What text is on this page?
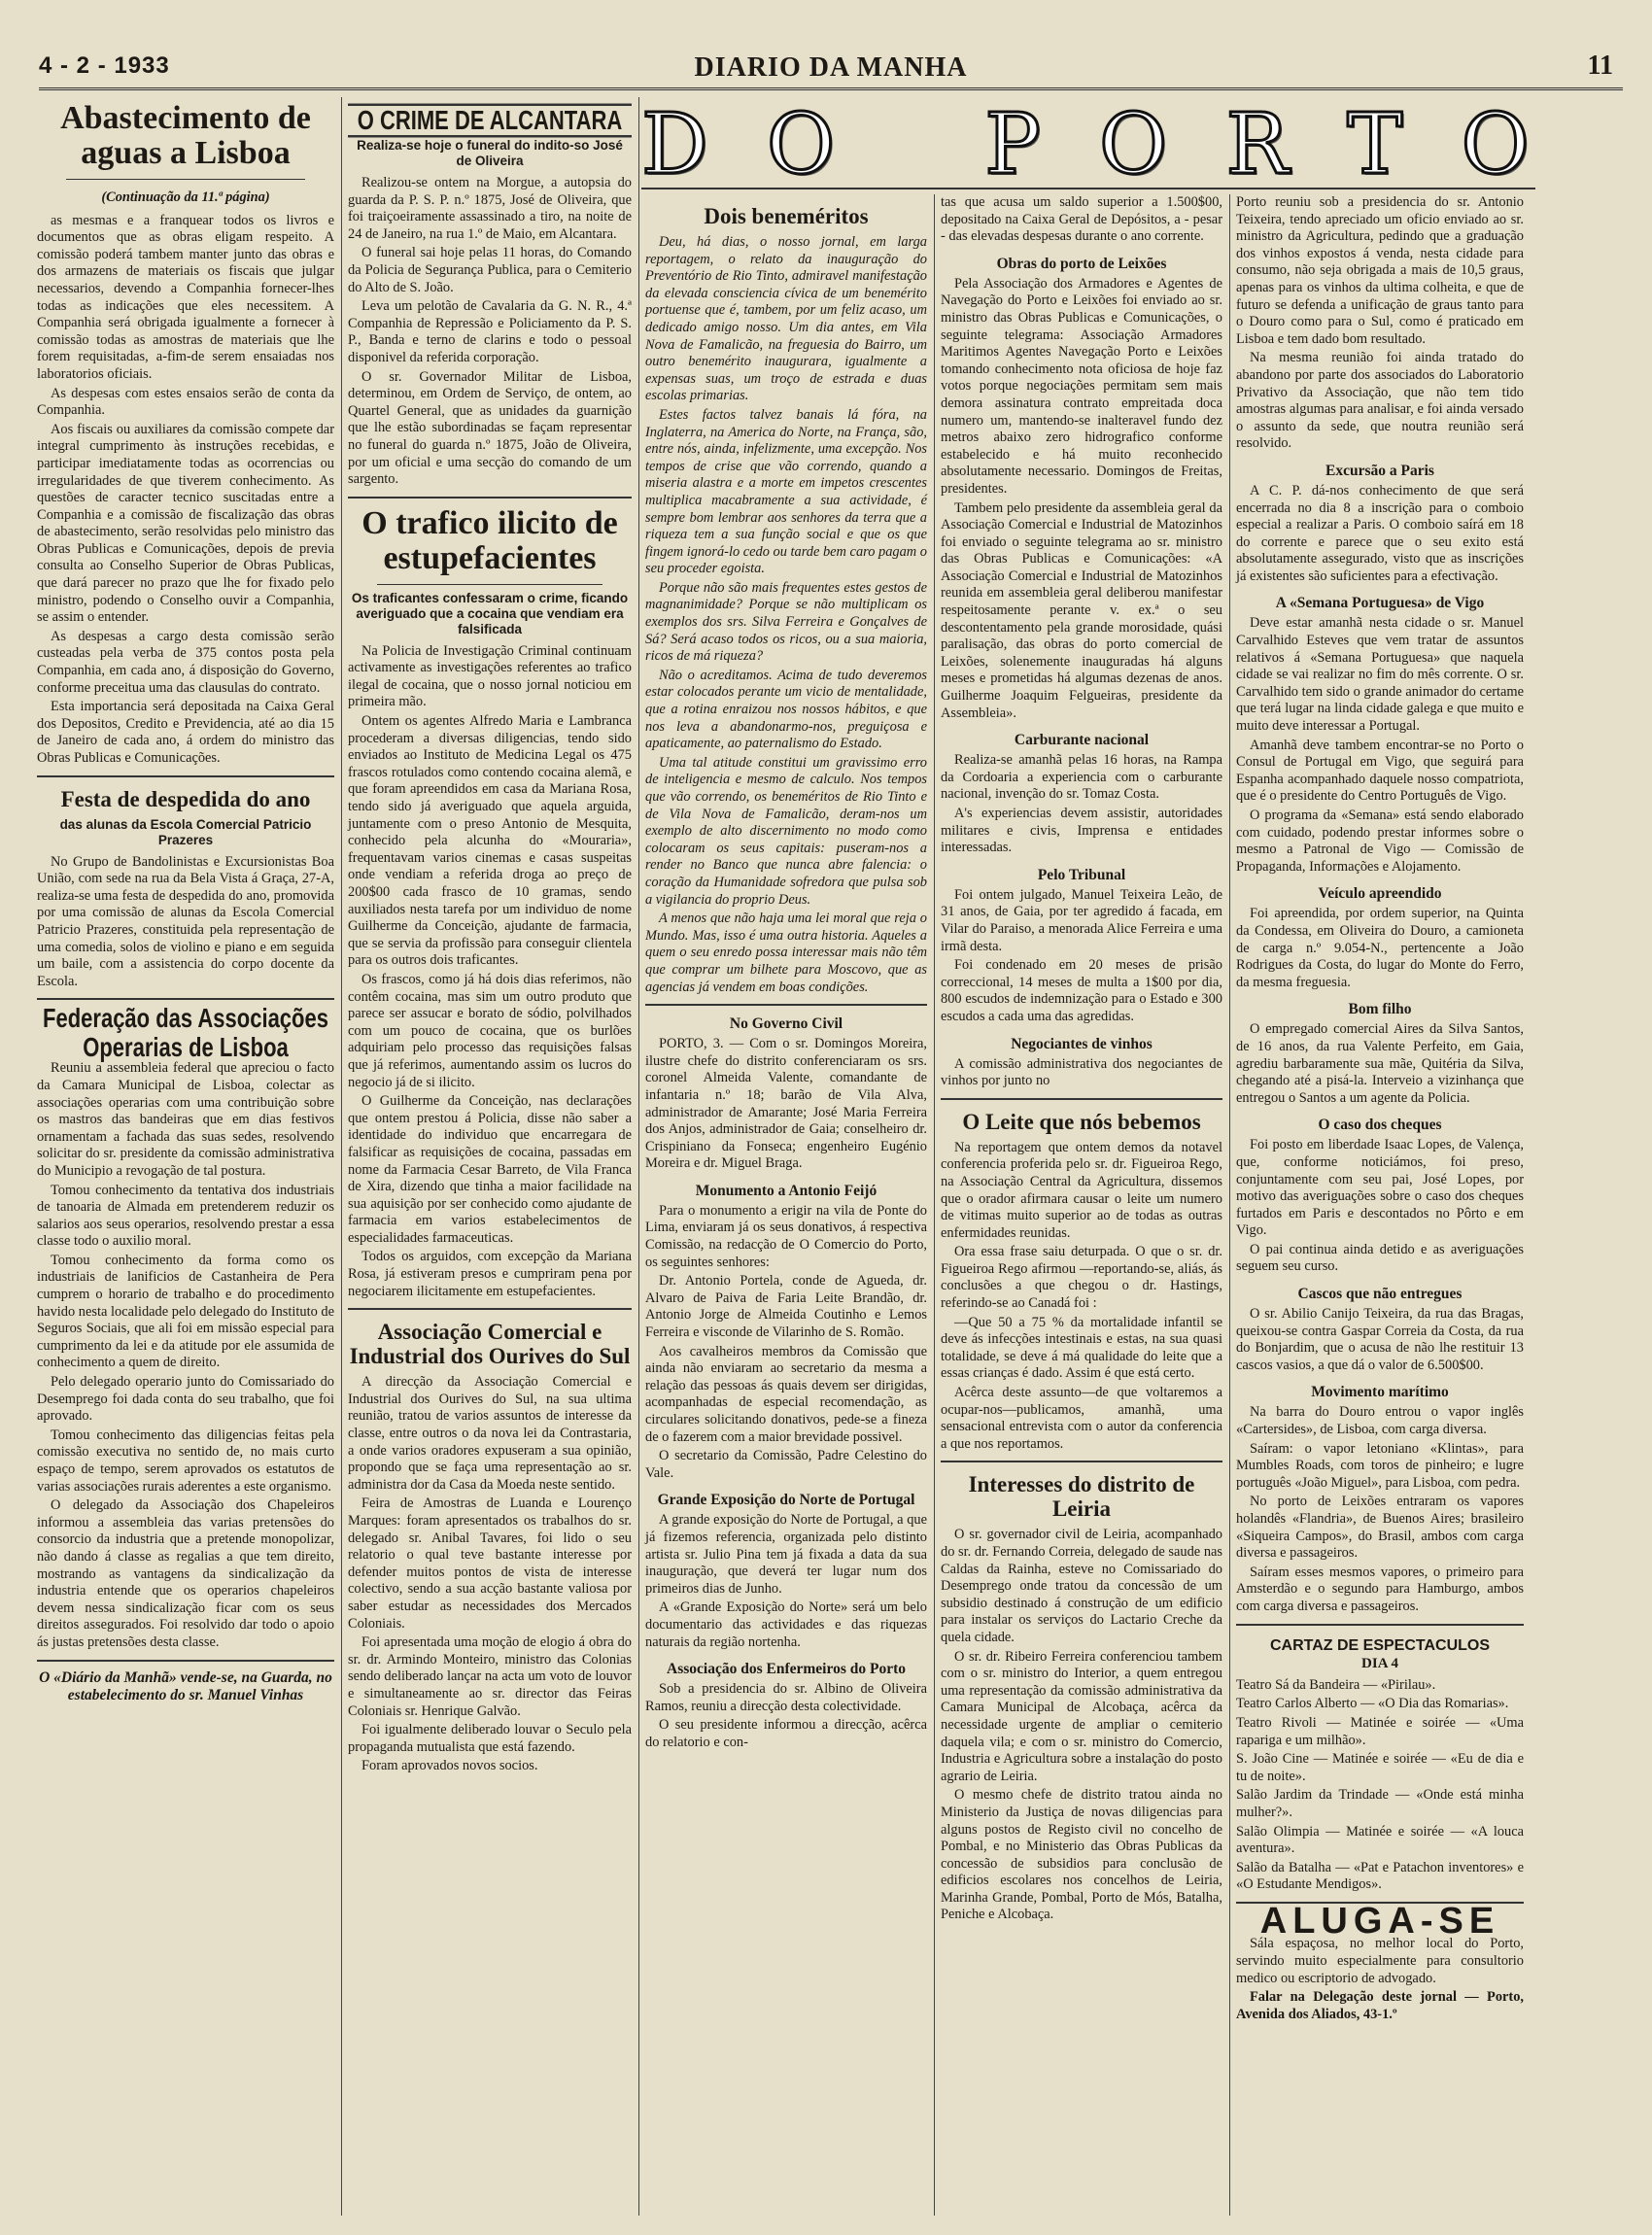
4 - 2 - 1933	DIARIO DA MANHA	11
Abastecimento de aguas a Lisboa

(Continuação da 11.ª página)

as mesmas e a franquear todos os livros e documentos que as obras eligam respeito. A comissão poderá tambem manter junto das obras e dos armazens de materiais os fiscais que julgar necessarios, devendo a Companhia fornecer-lhes todas as indicações que eles necessitem. A Companhia será obrigada igualmente a fornecer à comissão todas as amostras de materiais que lhe forem requisitadas, a-fim-de serem ensaiadas nos laboratorios oficiais.

As despesas com estes ensaios serão de conta da Companhia.

Aos fiscais ou auxiliares da comissão compete dar integral cumprimento às instruções recebidas, e participar imediatamente todas as ocorrencias ou irregularidades de que tiverem conhecimento. As questões de caracter tecnico suscitadas entre a Companhia e a comissão de fiscalização das obras de abastecimento, serão resolvidas pelo ministro das Obras Publicas e Comunicações, depois de previa consulta ao Conselho Superior de Obras Publicas, que dará parecer no prazo que lhe for fixado pelo ministro, podendo o Conselho ouvir a Companhia, se assim o entender.

As despesas a cargo desta comissão serão custeadas pela verba de 375 contos posta pela Companhia, em cada ano, á disposição do Governo, conforme preceitua uma das clausulas do contrato.

Esta importancia será depositada na Caixa Geral dos Depositos, Credito e Previdencia, até ao dia 15 de Janeiro de cada ano, á ordem do ministro das Obras Publicas e Comunicações.

Festa de despedida do ano
das alunas da Escola Comercial Patricio Prazeres

No Grupo de Bandolinistas e Excursionistas Boa União, com sede na rua da Bela Vista á Graça, 27-A, realiza-se uma festa de despedida do ano, promovida por uma comissão de alunas da Escola Comercial Patricio Prazeres, constituida pela representação de uma comedia, solos de violino e piano e em seguida um baile, com a assistencia do corpo docente da Escola.

Federação das Associações Operarias de Lisboa

Reuniu a assembleia federal que apreciou o facto da Camara Municipal de Lisboa, colectar as associações operarias com uma contribuição sobre os mastros das bandeiras que em dias festivos ornamentam a fachada das suas sedes, resolvendo solicitar do sr. presidente da comissão administrativa do Municipio a revogação de tal postura.

Tomou conhecimento da tentativa dos industriais de tanoaria de Almada em pretenderem reduzir os salarios aos seus operarios, resolvendo prestar a essa classe todo o auxilio moral.

Tomou conhecimento da forma como os industriais de lanificios de Castanheira de Pera cumprem o horario de trabalho e do procedimento havido nesta localidade pelo delegado do Instituto de Seguros Sociais, que ali foi em missão especial para cumprimento da lei e da atitude por ele assumida de conhecimento a quem de direito.

Pelo delegado operario junto do Comissariado do Desemprego foi dada conta do seu trabalho, que foi aprovado.

Tomou conhecimento das diligencias feitas pela comissão executiva no sentido de, no mais curto espaço de tempo, serem aprovados os estatutos de varias associações rurais aderentes a este organismo.

O delegado da Associação dos Chapeleiros informou a assembleia das varias pretensões do consorcio da industria que a pretende monopolizar, não dando á classe as regalias a que tem direito, mostrando as vantagens da sindicalização da industria entende que os operarios chapeleiros devem nessa sindicalização ficar com os seus direitos assegurados. Foi resolvido dar todo o apoio ás justas pretensões desta classe.

O «Diário da Manhã» vende-se, na Guarda, no estabelecimento do sr. Manuel Vinhas
O CRIME DE ALCANTARA
Realiza-se hoje o funeral do indito-so José de Oliveira

Realizou-se ontem na Morgue, a autopsia do guarda da P. S. P. n.º 1875, José de Oliveira, que foi traiçoeiramente assassinado a tiro, na noite de 24 de Janeiro, na rua 1.º de Maio, em Alcantara.

O funeral sai hoje pelas 11 horas, do Comando da Policia de Segurança Publica, para o Cemiterio do Alto de S. João.

Leva um pelotão de Cavalaria da G. N. R., 4.ª Companhia de Repressão e Policiamento da P. S. P., Banda e terno de clarins e todo o pessoal disponivel da referida corporação.

O sr. Governador Militar de Lisboa, determinou, em Ordem de Serviço, de ontem, ao Quartel General, que as unidades da guarnição que lhe estão subordinadas se façam representar no funeral do guarda n.º 1875, João de Oliveira, por um oficial e uma secção do comando de um sargento.

O trafico ilicito de estupefacientes
Os traficantes confessaram o crime, ficando averiguado que a cocaina que vendiam era falsificada

Na Policia de Investigação Criminal continuam activamente as investigações referentes ao trafico ilegal de cocaina, que o nosso jornal noticiou em primeira mão.

Ontem os agentes Alfredo Maria e Lambranca procederam a diversas diligencias, tendo sido enviados ao Instituto de Medicina Legal os 475 frascos rotulados como contendo cocaina alemã, e que foram apreendidos em casa da Mariana Rosa, tendo sido já averiguado que aquela arguida, juntamente com o preso Antonio de Mesquita, conhecido pela alcunha do «Mouraria», frequentavam varios cinemas e casas suspeitas onde vendiam a referida droga ao preço de 200$00 cada frasco de 10 gramas, sendo auxiliados nesta tarefa por um individuo de nome Guilherme da Conceição, ajudante de farmacia, que se servia da profissão para conseguir clientela para os outros dois traficantes.

Os frascos, como já há dois dias referimos, não contêm cocaina, mas sim um outro produto que parece ser assucar e borato de sódio, polvilhados com um pouco de cocaina, que os burlões adquiriam pelo processo das requisições falsas que já referimos, aumentando assim os lucros do negocio já de si ilicito.

O Guilherme da Conceição, nas declarações que ontem prestou á Policia, disse não saber a identidade do individuo que encarregara de falsificar as requisições de cocaina, passadas em nome da Farmacia Cesar Barreto, de Vila Franca de Xira, dizendo que tinha a maior facilidade na sua aquisição por ser conhecido como ajudante de farmacia em varios estabelecimentos de especialidades farmaceuticas.

Todos os arguidos, com excepção da Mariana Rosa, já estiveram presos e cumpriram pena por negociarem ilicitamente em estupefacientes.

Associação Comercial e Industrial dos Ourives do Sul

A direcção da Associação Comercial e Industrial dos Ourives do Sul, na sua ultima reunião, tratou de varios assuntos de interesse da classe, entre outros o da nova lei da Contrastaria, a onde varios oradores expuseram a sua opinião, propondo que se faça uma representação ao sr. administra dor da Casa da Moeda neste sentido.

Feira de Amostras de Luanda e Lourenço Marques: foram apresentados os trabalhos do sr. delegado sr. Anibal Tavares, foi lido o seu relatorio o qual teve bastante interesse por defender muitos pontos de vista de interesse colectivo, sendo a sua acção bastante valiosa por saber estudar as necessidades dos Mercados Coloniais.

Foi apresentada uma moção de elogio á obra do sr. dr. Armindo Monteiro, ministro das Colonias sendo deliberado lançar na acta um voto de louvor e simultaneamente ao sr. director das Feiras Coloniais sr. Henrique Galvão.

Foi igualmente deliberado louvar o Seculo pela propaganda mutualista que está fazendo.

Foram aprovados novos socios.

D O P O R T O
Dois beneméritos

Deu, há dias, o nosso jornal, em larga reportagem, o relato da inauguração do Preventório de Rio Tinto, admiravel manifestação da elevada consciencia cívica de um benemérito portuense que é, tambem, por um feliz acaso, um dedicado amigo nosso. Um dia antes, em Vila Nova de Famalicão, na freguesia do Bairro, um outro benemérito inaugurara, igualmente a expensas suas, um troço de estrada e duas escolas primarias.

Estes factos talvez banais lá fóra, na Inglaterra, na America do Norte, na França, são, entre nós, ainda, infelizmente, uma excepção. Nos tempos de crise que vão correndo, quando a miseria alastra e a morte em impetos crescentes multiplica macabramente a sua actividade, é sempre bom lembrar aos senhores da terra que a riqueza tem a sua função social e que os que fingem ignorá-lo cedo ou tarde bem caro pagam o seu proceder egoista.

Porque não são mais frequentes estes gestos de magnanimidade? Porque se não multiplicam os exemplos dos srs. Silva Ferreira e Gonçalves de Sá? Será acaso todos os ricos, ou a sua maioria, ricos de má riqueza?

Não o acreditamos. Acima de tudo deveremos estar colocados perante um vicio de mentalidade, que a rotina enraizou nos nossos hábitos, e que nos leva a abandonarmo-nos, preguiçosa e apaticamente, ao paternalismo do Estado.

Uma tal atitude constitui um gravissimo erro de inteligencia e mesmo de calculo. Nos tempos que vão correndo, os beneméritos de Rio Tinto e de Vila Nova de Famalicão, deram-nos um exemplo de alto discernimento no modo como colocaram os seus capitais: puseram-nos a render no Banco que nunca abre falencia: o coração da Humanidade sofredora que pulsa sob a vigilancia do proprio Deus.

A menos que não haja uma lei moral que reja o Mundo. Mas, isso é uma outra historia. Aqueles a quem o seu enredo possa interessar mais não têm que comprar um bilhete para Moscovo, que as agencias já vendem em boas condições.

No Governo Civil

PORTO, 3. — Com o sr. Domingos Moreira, ilustre chefe do distrito conferenciaram os srs. coronel Almeida Valente, comandante de infantaria n.º 18; barão de Vila Alva, administrador de Amarante; José Maria Ferreira dos Anjos, administrador de Gaia; conselheiro dr. Crispiniano da Fonseca; engenheiro Eugénio Moreira e dr. Miguel Braga.

Monumento a Antonio Feijó

Para o monumento a erigir na vila de Ponte do Lima, enviaram já os seus donativos, á respectiva Comissão, na redacção de O Comercio do Porto, os seguintes senhores:

Dr. Antonio Portela, conde de Agueda, dr. Alvaro de Paiva de Faria Leite Brandão, dr. Antonio Jorge de Almeida Coutinho e Lemos Ferreira e visconde de Vilarinho de S. Romão.

Aos cavalheiros membros da Comissão que ainda não enviaram ao secretario da mesma a relação das pessoas ás quais devem ser dirigidas, acompanhadas de especial recomendação, as circulares solicitando donativos, pede-se a fineza de o fazerem com a maior brevidade possivel.

O secretario da Comissão, Padre Celestino do Vale.

Grande Exposição do Norte de Portugal

A grande exposição do Norte de Portugal, a que já fizemos referencia, organizada pelo distinto artista sr. Julio Pina tem já fixada a data da sua inauguração, que deverá ter lugar num dos primeiros dias de Junho.

A «Grande Exposição do Norte» será um belo documentario das actividades e das riquezas naturais da região nortenha.

Associação dos Enfermeiros do Porto

Sob a presidencia do sr. Albino de Oliveira Ramos, reuniu a direcção desta colectividade.

O seu presidente informou a direcção, acêrca do relatorio e con-

tas que acusa um saldo superior a 1.500$00, depositado na Caixa Geral de Depósitos, a - pesar - das elevadas despesas durante o ano corrente.

Obras do porto de Leixões

Pela Associação dos Armadores e Agentes de Navegação do Porto e Leixões foi enviado ao sr. ministro das Obras Publicas e Comunicações, o seguinte telegrama: Associação Armadores Maritimos Agentes Navegação Porto e Leixões tomando conhecimento nota oficiosa de hoje faz votos porque negociações permitam sem mais demora assinatura contrato empreitada doca numero um, mantendo-se inalteravel fundo dez metros abaixo zero hidrografico conforme estabelecido e há muito reconhecido absolutamente necessario. Domingos de Freitas, presidentes.

Tambem pelo presidente da assembleia geral da Associação Comercial e Industrial de Matozinhos foi enviado o seguinte telegrama ao sr. ministro das Obras Publicas e Comunicações: «A Associação Comercial e Industrial de Matozinhos reunida em assembleia geral deliberou manifestar respeitosamente perante v. ex.ª o seu descontentamento pela grande morosidade, quási paralisação, das obras do porto comercial de Leixões, solenemente inauguradas há alguns meses e prometidas há algumas dezenas de anos. Guilherme Joaquim Felgueiras, presidente da Assembleia».

Carburante nacional

Realiza-se amanhã pelas 16 horas, na Rampa da Cordoaria a experiencia com o carburante nacional, invenção do sr. Tomaz Costa.

A's experiencias devem assistir, autoridades militares e civis, Imprensa e entidades interessadas.

Pelo Tribunal

Foi ontem julgado, Manuel Teixeira Leão, de 31 anos, de Gaia, por ter agredido á facada, em Vilar do Paraiso, a menorada Alice Ferreira e uma irmã desta.

Foi condenado em 20 meses de prisão correccional, 14 meses de multa a 1$00 por dia, 800 escudos de indemnização para o Estado e 300 escudos a cada uma das agredidas.

Negociantes de vinhos

A comissão administrativa dos negociantes de vinhos por junto no

O Leite que nós bebemos

Na reportagem que ontem demos da notavel conferencia proferida pelo sr. dr. Figueiroa Rego, na Associação Central da Agricultura, dissemos que o orador afirmara causar o leite um numero de vitimas muito superior ao de todas as outras enfermidades reunidas.

Ora essa frase saiu deturpada. O que o sr. dr. Figueiroa Rego afirmou —reportando-se, aliás, ás conclusões a que chegou o dr. Hastings, referindo-se ao Canadá foi :

—Que 50 a 75 % da mortalidade infantil se deve ás infecções intestinais e estas, na sua quasi totalidade, se deve á má qualidade do leite que a essas crianças é dado. Assim é que está certo.

Acêrca deste assunto—de que voltaremos a ocupar-nos—publicamos, amanhã, uma sensacional entrevista com o autor da conferencia a que nos reportamos.

Interesses do distrito de Leiria

O sr. governador civil de Leiria, acompanhado do sr. dr. Fernando Correia, delegado de saude nas Caldas da Rainha, esteve no Comissariado do Desemprego onde tratou da concessão de um subsidio destinado á construção de um edificio para instalar os serviços do Lactario Creche da quela cidade.

O sr. dr. Ribeiro Ferreira conferenciou tambem com o sr. ministro do Interior, a quem entregou uma representação da comissão administrativa da Camara Municipal de Alcobaça, acêrca da necessidade urgente de ampliar o cemiterio daquela vila; e com o sr. ministro do Comercio, Industria e Agricultura sobre a instalação do posto agrario de Leiria.

O mesmo chefe de distrito tratou ainda no Ministerio da Justiça de novas diligencias para alguns postos de Registo civil no concelho de Pombal, e no Ministerio das Obras Publicas da concessão de subsidios para conclusão de edificios escolares nos concelhos de Leiria, Marinha Grande, Pombal, Porto de Mós, Batalha, Peniche e Alcobaça.

Porto reuniu sob a presidencia do sr. Antonio Teixeira, tendo apreciado um oficio enviado ao sr. ministro da Agricultura, pedindo que a graduação dos vinhos expostos á venda, nesta cidade para consumo, não seja obrigada a mais de 10,5 graus, apenas para os vinhos da ultima colheita, e que de futuro se defenda a unificação de graus tanto para o Douro como para o Sul, como é praticado em Lisboa e tem dado bom resultado.

Na mesma reunião foi ainda tratado do abandono por parte dos associados do Laboratorio Privativo da Associação, que não tem tido amostras algumas para analisar, e foi ainda versado o assunto da sede, que noutra reunião será resolvido.

Excursão a Paris

A C. P. dá-nos conhecimento de que será encerrada no dia 8 a inscrição para o comboio especial a realizar a Paris. O comboio saírá em 18 do corrente e parece que o seu exito está absolutamente assegurado, visto que as inscrições já existentes são suficientes para a efectivação.

A «Semana Portuguesa» de Vigo

Deve estar amanhã nesta cidade o sr. Manuel Carvalhido Esteves que vem tratar de assuntos relativos á «Semana Portuguesa» que naquela cidade se vai realizar no fim do mês corrente. O sr. Carvalhido tem sido o grande animador do certame que terá lugar na linda cidade galega e que muito e muito deve interessar a Portugal.

Amanhã deve tambem encontrar-se no Porto o Consul de Portugal em Vigo, que seguirá para Espanha acompanhado daquele nosso compatriota, que é o presidente do Centro Português de Vigo.

O programa da «Semana» está sendo elaborado com cuidado, podendo prestar informes sobre o mesmo a Patronal de Vigo — Comissão de Propaganda, Informações e Alojamento.

Veículo apreendido

Foi apreendida, por ordem superior, na Quinta da Condessa, em Oliveira do Douro, a camioneta de carga n.º 9.054-N., pertencente a João Rodrigues da Costa, do lugar do Monte do Ferro, da mesma freguesia.

Bom filho

O empregado comercial Aires da Silva Santos, de 16 anos, da rua Valente Perfeito, em Gaia, agrediu barbaramente sua mãe, Quitéria da Silva, chegando até a pisá-la. Interveio a vizinhança que entregou o Santos a um agente da Policia.

O caso dos cheques

Foi posto em liberdade Isaac Lopes, de Valença, que, conforme noticiámos, foi preso, conjuntamente com seu pai, José Lopes, por motivo das averiguações sobre o caso dos cheques furtados em Paris e descontados no Pôrto e em Vigo.

O pai continua ainda detido e as averiguações seguem seu curso.

Cascos que não entregues

O sr. Abilio Canijo Teixeira, da rua das Bragas, queixou-se contra Gaspar Correia da Costa, da rua do Bonjardim, que o acusa de não lhe restituir 13 cascos vasios, a que dá o valor de 6.500$00.

Movimento marítimo

Na barra do Douro entrou o vapor inglês «Cartersides», de Lisboa, com carga diversa.

Saíram: o vapor letoniano «Klintas», para Mumbles Roads, com toros de pinheiro; e lugre português «João Miguel», para Lisboa, com pedra.

No porto de Leixões entraram os vapores holandês «Flandria», de Buenos Aires; brasileiro «Siqueira Campos», do Brasil, ambos com carga diversa e passageiros.

Saíram esses mesmos vapores, o primeiro para Amsterdão e o segundo para Hamburgo, ambos com carga diversa e passageiros.

CARTAZ DE ESPECTACULOS
DIA 4

Teatro Sá da Bandeira — «Pirilau».

Teatro Carlos Alberto — «O Dia das Romarias».

Teatro Rivoli — Matinée e soirée — «Uma rapariga e um milhão».

S. João Cine — Matinée e soirée — «Eu de dia e tu de noite».

Salão Jardim da Trindade — «Onde está minha mulher?».

Salão Olimpia — Matinée e soirée — «A louca aventura».

Salão da Batalha — «Pat e Patachon inventores» e «O Estudante Mendigos».

ALUGA-SE

Sála espaçosa, no melhor local do Porto, servindo muito especialmente para consultorio medico ou escriptorio de advogado.

Falar na Delegação deste jornal — Porto, Avenida dos Aliados, 43-1.º
